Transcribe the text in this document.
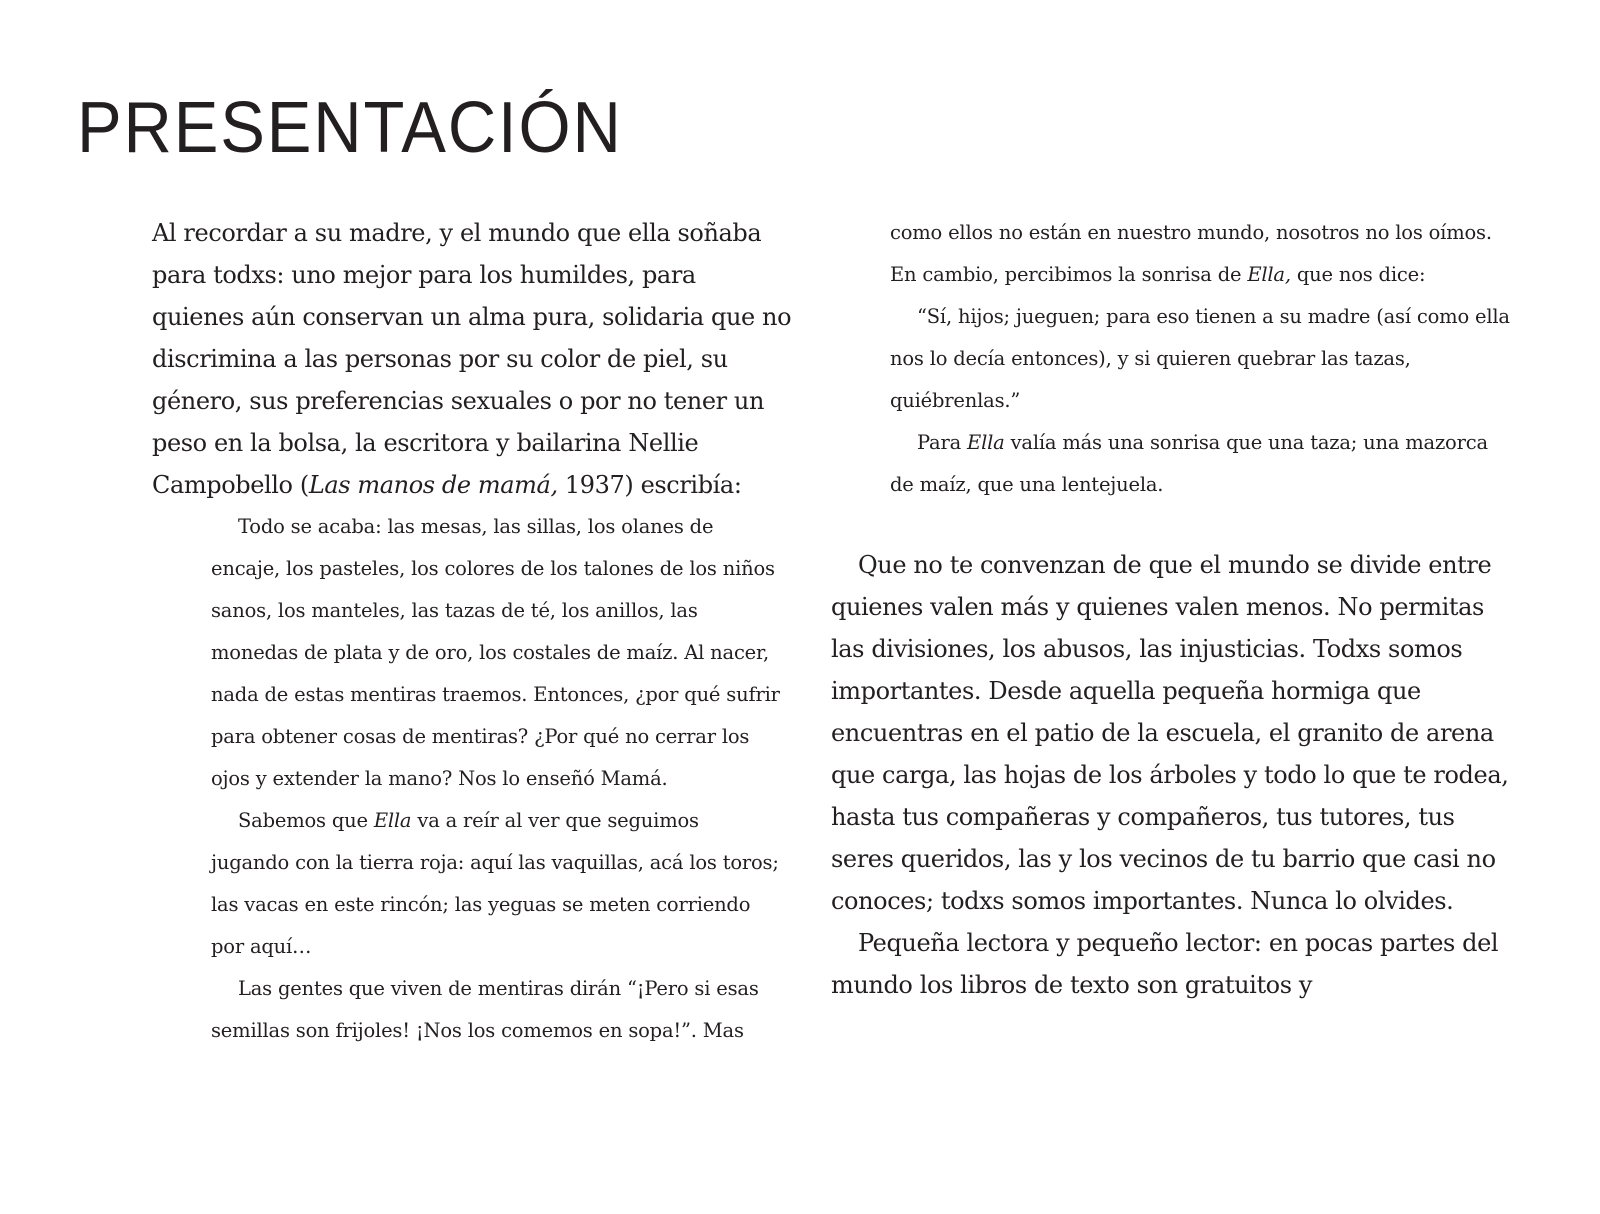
PRESENTACIÓN

Al recordar a su madre, y el mundo que ella soñaba para todxs: uno mejor para los humildes, para quienes aún conservan un alma pura, solidaria que no discrimina a las personas por su color de piel, su género, sus preferencias sexuales o por no tener un peso en la bolsa, la escritora y bailarina Nellie Campobello (Las manos de mamá, 1937) escribía:

Todo se acaba: las mesas, las sillas, los olanes de encaje, los pasteles, los colores de los talones de los niños sanos, los manteles, las tazas de té, los anillos, las monedas de plata y de oro, los costales de maíz. Al nacer, nada de estas mentiras traemos. Entonces, ¿por qué sufrir para obtener cosas de mentiras? ¿Por qué no cerrar los ojos y extender la mano? Nos lo enseñó Mamá.

Sabemos que Ella va a reír al ver que seguimos jugando con la tierra roja: aquí las vaquillas, acá los toros; las vacas en este rincón; las yeguas se meten corriendo por aquí…

Las gentes que viven de mentiras dirán “¡Pero si esas semillas son frijoles! ¡Nos los comemos en sopa!”. Mas

como ellos no están en nuestro mundo, nosotros no los oímos. En cambio, percibimos la sonrisa de Ella, que nos dice:

“Sí, hijos; jueguen; para eso tienen a su madre (así como ella nos lo decía entonces), y si quieren quebrar las tazas, quiébrenlas.”

Para Ella valía más una sonrisa que una taza; una mazorca de maíz, que una lentejuela.

Que no te convenzan de que el mundo se divide entre quienes valen más y quienes valen menos. No permitas las divisiones, los abusos, las injusticias. Todxs somos importantes. Desde aquella pequeña hormiga que encuentras en el patio de la escuela, el granito de arena que carga, las hojas de los árboles y todo lo que te rodea, hasta tus compañeras y compañeros, tus tutores, tus seres queridos, las y los vecinos de tu barrio que casi no conoces; todxs somos importantes. Nunca lo olvides.

Pequeña lectora y pequeño lector: en pocas partes del mundo los libros de texto son gratuitos y
